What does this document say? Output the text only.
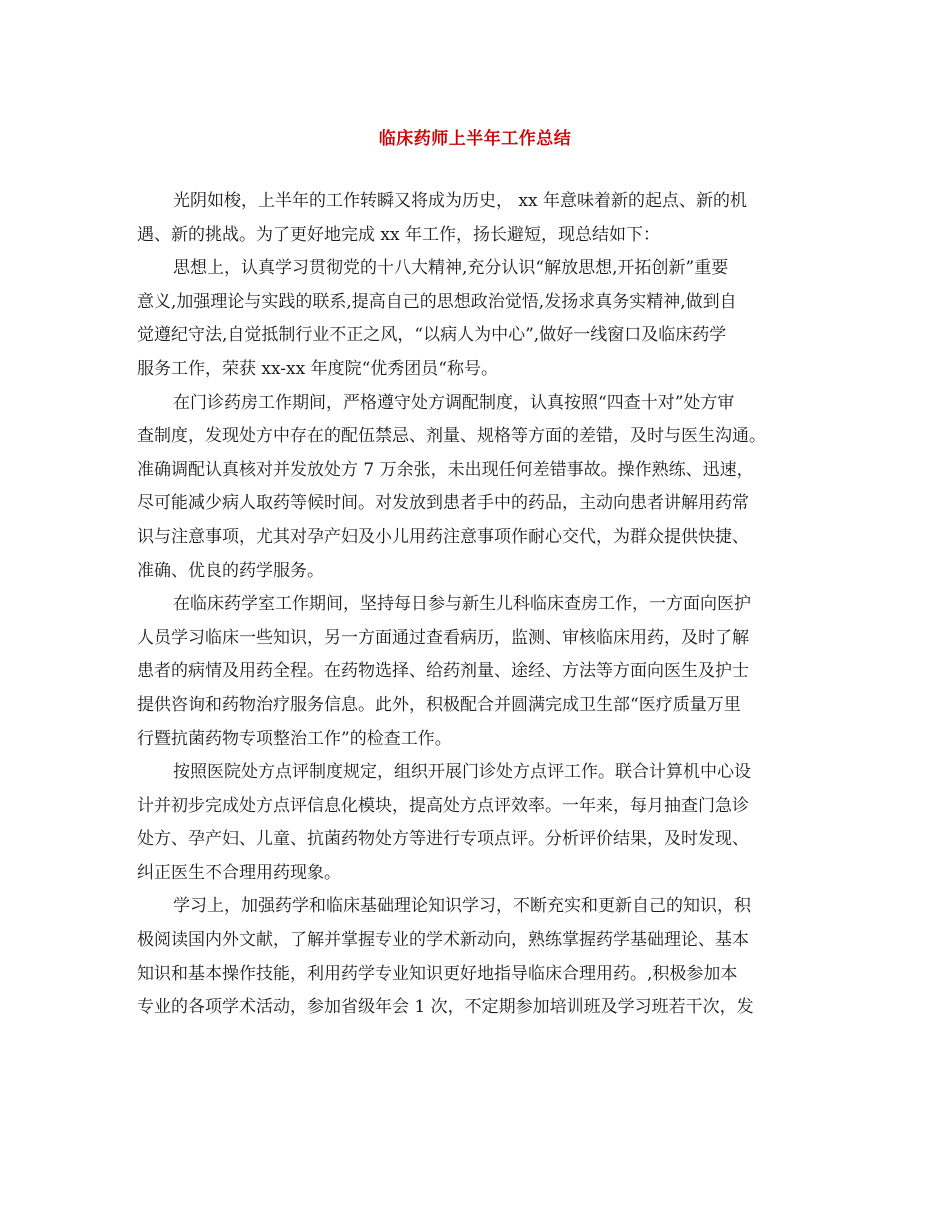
临床药师上半年工作总结
光阴如梭，上半年的工作转瞬又将成为历史， xx 年意味着新的起点、新的机
遇、新的挑战。为了更好地完成 xx 年工作，扬长避短，现总结如下：
思想上，认真学习贯彻党的十八大精神,充分认识“解放思想,开拓创新”重要
意义,加强理论与实践的联系,提高自己的思想政治觉悟,发扬求真务实精神,做到自
觉遵纪守法,自觉抵制行业不正之风，“以病人为中心”,做好一线窗口及临床药学
服务工作，荣获 xx-xx 年度院“优秀团员“称号。
在门诊药房工作期间，严格遵守处方调配制度，认真按照“四查十对”处方审
查制度，发现处方中存在的配伍禁忌、剂量、规格等方面的差错，及时与医生沟通。
准确调配认真核对并发放处方 7 万余张，未出现任何差错事故。操作熟练、迅速，
尽可能减少病人取药等候时间。对发放到患者手中的药品，主动向患者讲解用药常
识与注意事项，尤其对孕产妇及小儿用药注意事项作耐心交代，为群众提供快捷、
准确、优良的药学服务。
在临床药学室工作期间，坚持每日参与新生儿科临床查房工作，一方面向医护
人员学习临床一些知识，另一方面通过查看病历，监测、审核临床用药，及时了解
患者的病情及用药全程。在药物选择、给药剂量、途经、方法等方面向医生及护士
提供咨询和药物治疗服务信息。此外，积极配合并圆满完成卫生部“医疗质量万里
行暨抗菌药物专项整治工作”的检查工作。
按照医院处方点评制度规定，组织开展门诊处方点评工作。联合计算机中心设
计并初步完成处方点评信息化模块，提高处方点评效率。一年来，每月抽查门急诊
处方、孕产妇、儿童、抗菌药物处方等进行专项点评。分析评价结果，及时发现、
纠正医生不合理用药现象。
学习上，加强药学和临床基础理论知识学习，不断充实和更新自己的知识，积
极阅读国内外文献，了解并掌握专业的学术新动向，熟练掌握药学基础理论、基本
知识和基本操作技能，利用药学专业知识更好地指导临床合理用药。,积极参加本
专业的各项学术活动，参加省级年会 1 次，不定期参加培训班及学习班若干次，发
